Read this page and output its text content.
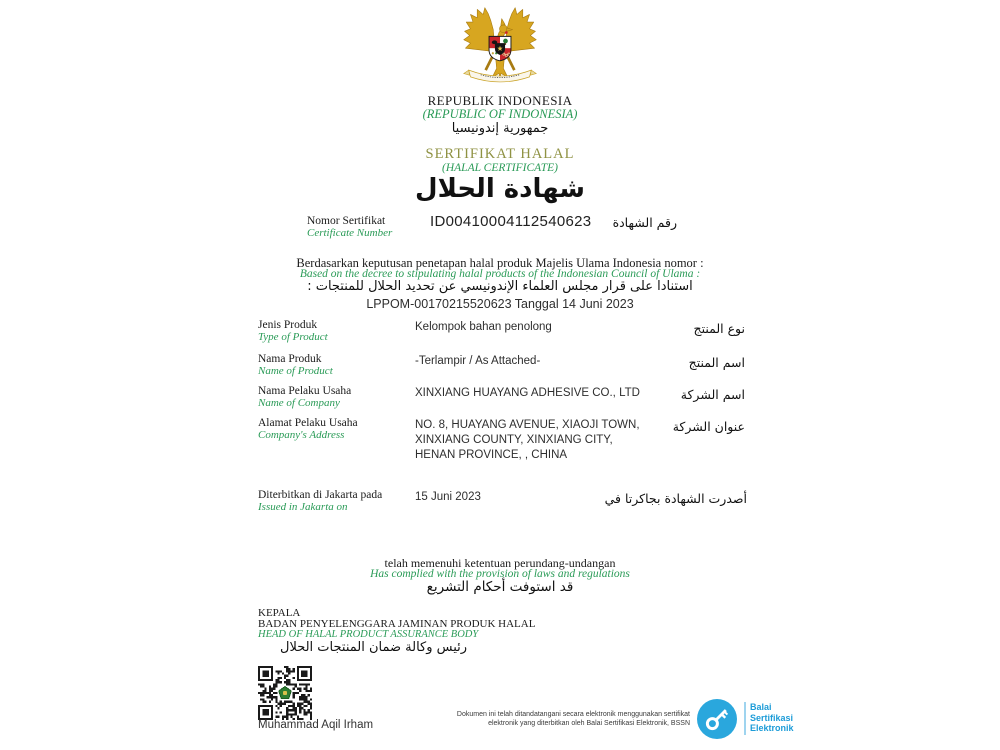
REPUBLIK INDONESIA
(REPUBLIC OF INDONESIA)
جمهورية إندونيسيا
SERTIFIKAT HALAL
(HALAL CERTIFICATE)
شهادة الحلال
Nomor Sertifikat
Certificate Number
ID00410004112540623 رقم الشهادة
Berdasarkan keputusan penetapan halal produk Majelis Ulama Indonesia nomor :
Based on the decree to stipulating halal products of the Indonesian Council of Ulama :
استنادا على قرار مجلس العلماء الإندونيسي عن تحديد الحلال للمنتجات :
LPPOM-00170215520623 Tanggal 14 Juni 2023
Jenis Produk
Type of Product
Kelompok bahan penolong	نوع المنتج
Nama Produk
Name of Product
-Terlampir / As Attached-	اسم المنتج
Nama Pelaku Usaha
Name of Company
XINXIANG HUAYANG ADHESIVE CO., LTD	اسم الشركة
Alamat Pelaku Usaha
Company's Address
NO. 8, HUAYANG AVENUE, XIAOJI TOWN, XINXIANG COUNTY, XINXIANG CITY, HENAN PROVINCE, , CHINA
عنوان الشركة
Diterbitkan di Jakarta pada
Issued in Jakarta on
15 Juni 2023	أصدرت الشهادة بجاكرتا في
telah memenuhi ketentuan perundang-undangan
Has complied with the provision of laws and regulations
قد استوفت أحكام التشريع
KEPALA
BADAN PENYELENGGARA JAMINAN PRODUK HALAL
HEAD OF HALAL PRODUCT ASSURANCE BODY
رئيس وكالة ضمان المنتجات الحلال
Muhammad Aqil Irham
Dokumen ini telah ditandatangani secara elektronik menggunakan sertifikat
elektronik yang diterbitkan oleh Balai Sertifikasi Elektronik, BSSN
Balai
Sertifikasi
Elektronik
